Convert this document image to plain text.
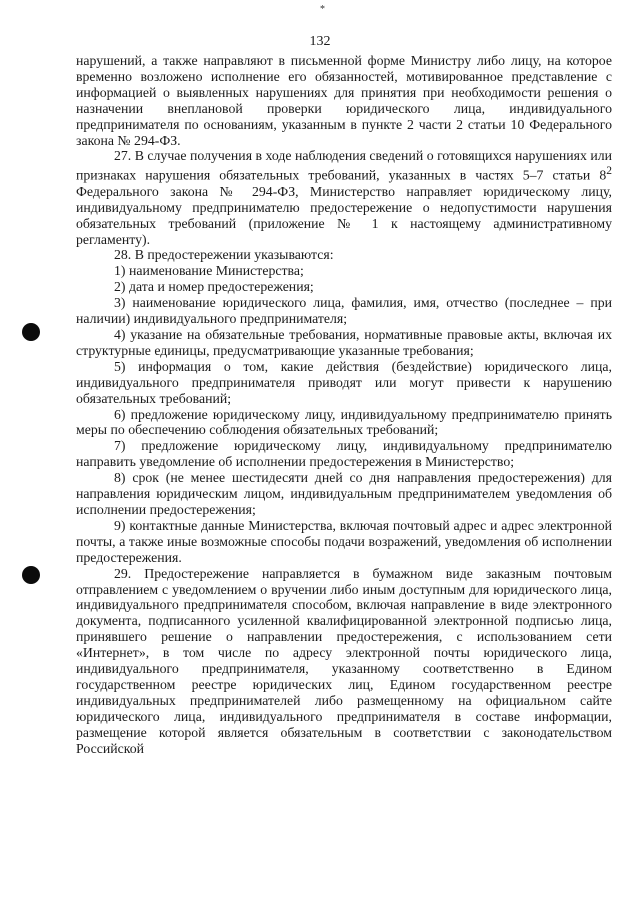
*
132

нарушений, а также направляют в письменной форме Министру либо лицу, на которое временно возложено исполнение его обязанностей, мотивированное представление с информацией о выявленных нарушениях для принятия при необходимости решения о назначении внеплановой проверки юридического лица, индивидуального предпринимателя по основаниям, указанным в пункте 2 части 2 статьи 10 Федерального закона № 294-ФЗ.

27. В случае получения в ходе наблюдения сведений о готовящихся нарушениях или признаках нарушения обязательных требований, указанных в частях 5–7 статьи $8^2$ Федерального закона № 294-ФЗ, Министерство направляет юридическому лицу, индивидуальному предпринимателю предостережение о недопустимости нарушения обязательных требований (приложение № 1 к настоящему административному регламенту).

28. В предостережении указываются:

1) наименование Министерства;

2) дата и номер предостережения;

3) наименование юридического лица, фамилия, имя, отчество (последнее – при наличии) индивидуального предпринимателя;

4) указание на обязательные требования, нормативные правовые акты, включая их структурные единицы, предусматривающие указанные требования;

5) информация о том, какие действия (бездействие) юридического лица, индивидуального предпринимателя приводят или могут привести к нарушению обязательных требований;

6) предложение юридическому лицу, индивидуальному предпринимателю принять меры по обеспечению соблюдения обязательных требований;

7) предложение юридическому лицу, индивидуальному предпринимателю направить уведомление об исполнении предостережения в Министерство;

8) срок (не менее шестидесяти дней со дня направления предостережения) для направления юридическим лицом, индивидуальным предпринимателем уведомления об исполнении предостережения;

9) контактные данные Министерства, включая почтовый адрес и адрес электронной почты, а также иные возможные способы подачи возражений, уведомления об исполнении предостережения.

29. Предостережение направляется в бумажном виде заказным почтовым отправлением с уведомлением о вручении либо иным доступным для юридического лица, индивидуального предпринимателя способом, включая направление в виде электронного документа, подписанного усиленной квалифицированной электронной подписью лица, принявшего решение о направлении предостережения, с использованием сети «Интернет», в том числе по адресу электронной почты юридического лица, индивидуального предпринимателя, указанному соответственно в Едином государственном реестре юридических лиц, Едином государственном реестре индивидуальных предпринимателей либо размещенному на официальном сайте юридического лица, индивидуального предпринимателя в составе информации, размещение которой является обязательным в соответствии с законодательством Российской
